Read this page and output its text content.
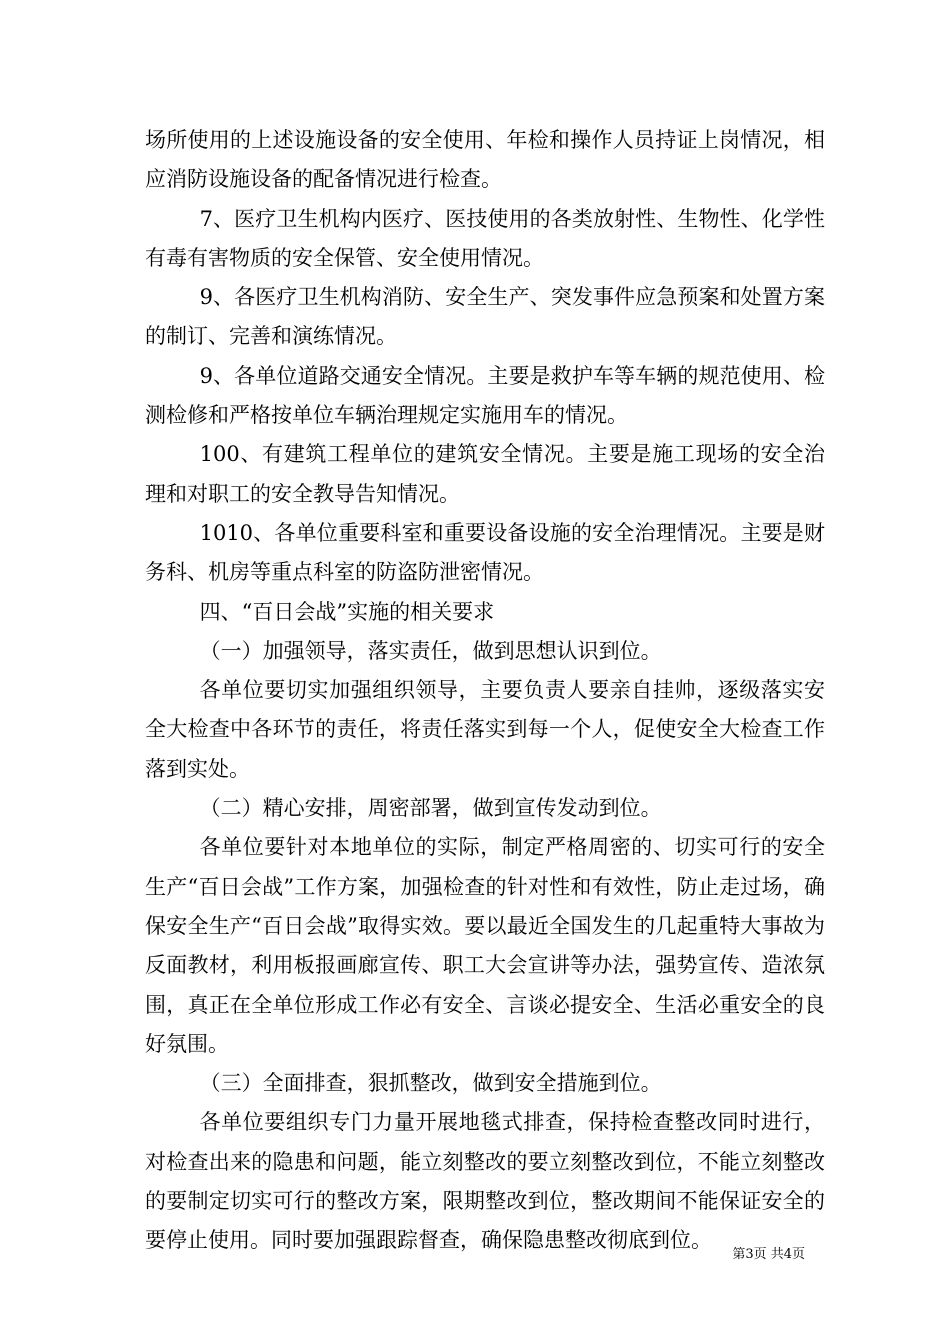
场所使用的上述设施设备的安全使用、年检和操作人员持证上岗情况，相应消防设施设备的配备情况进行检查。

7、医疗卫生机构内医疗、医技使用的各类放射性、生物性、化学性有毒有害物质的安全保管、安全使用情况。

9、各医疗卫生机构消防、安全生产、突发事件应急预案和处置方案的制订、完善和演练情况。

9、各单位道路交通安全情况。主要是救护车等车辆的规范使用、检测检修和严格按单位车辆治理规定实施用车的情况。

100、有建筑工程单位的建筑安全情况。主要是施工现场的安全治理和对职工的安全教导告知情况。

1010、各单位重要科室和重要设备设施的安全治理情况。主要是财务科、机房等重点科室的防盗防泄密情况。

四、“百日会战”实施的相关要求

（一）加强领导，落实责任，做到思想认识到位。

各单位要切实加强组织领导，主要负责人要亲自挂帅，逐级落实安全大检查中各环节的责任，将责任落实到每一个人，促使安全大检查工作落到实处。

（二）精心安排，周密部署，做到宣传发动到位。

各单位要针对本地单位的实际，制定严格周密的、切实可行的安全生产“百日会战”工作方案，加强检查的针对性和有效性，防止走过场，确保安全生产“百日会战”取得实效。要以最近全国发生的几起重特大事故为反面教材，利用板报画廊宣传、职工大会宣讲等办法，强势宣传、造浓氛围，真正在全单位形成工作必有安全、言谈必提安全、生活必重安全的良好氛围。

（三）全面排查，狠抓整改，做到安全措施到位。

各单位要组织专门力量开展地毯式排查，保持检查整改同时进行，对检查出来的隐患和问题，能立刻整改的要立刻整改到位，不能立刻整改的要制定切实可行的整改方案，限期整改到位，整改期间不能保证安全的要停止使用。同时要加强跟踪督查，确保隐患整改彻底到位。

第3页 共4页
